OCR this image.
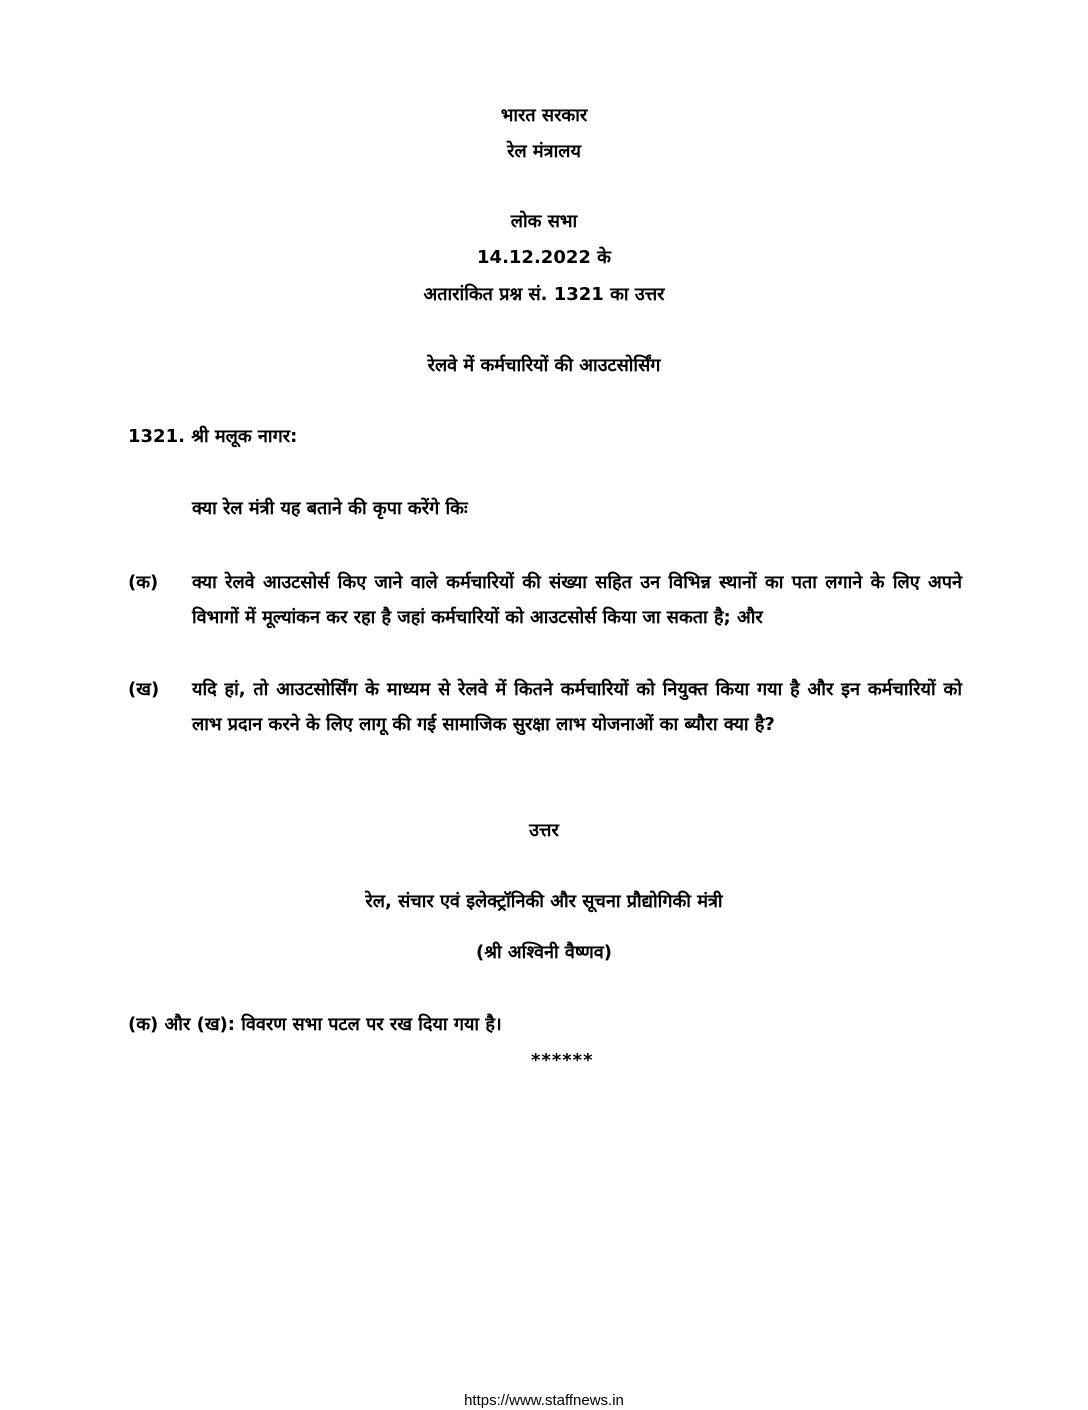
भारत सरकार
रेल मंत्रालय
लोक सभा
14.12.2022 के
अतारांकित प्रश्न सं. 1321 का उत्तर
रेलवे में कर्मचारियों की आउटसोर्सिंग
1321. श्री मलूक नागर:
क्या रेल मंत्री यह बताने की कृपा करेंगे किः
(क) क्या रेलवे आउटसोर्स किए जाने वाले कर्मचारियों की संख्या सहित उन विभिन्न स्थानों का पता लगाने के लिए अपने विभागों में मूल्यांकन कर रहा है जहां कर्मचारियों को आउटसोर्स किया जा सकता है; और
(ख) यदि हां, तो आउटसोर्सिंग के माध्यम से रेलवे में कितने कर्मचारियों को नियुक्त किया गया है और इन कर्मचारियों को लाभ प्रदान करने के लिए लागू की गई सामाजिक सुरक्षा लाभ योजनाओं का ब्यौरा क्या है?
उत्तर
रेल, संचार एवं इलेक्ट्रॉनिकी और सूचना प्रौद्योगिकी मंत्री
(श्री अश्विनी वैष्णव)
(क) और (ख): विवरण सभा पटल पर रख दिया गया है।
******
https://www.staffnews.in
